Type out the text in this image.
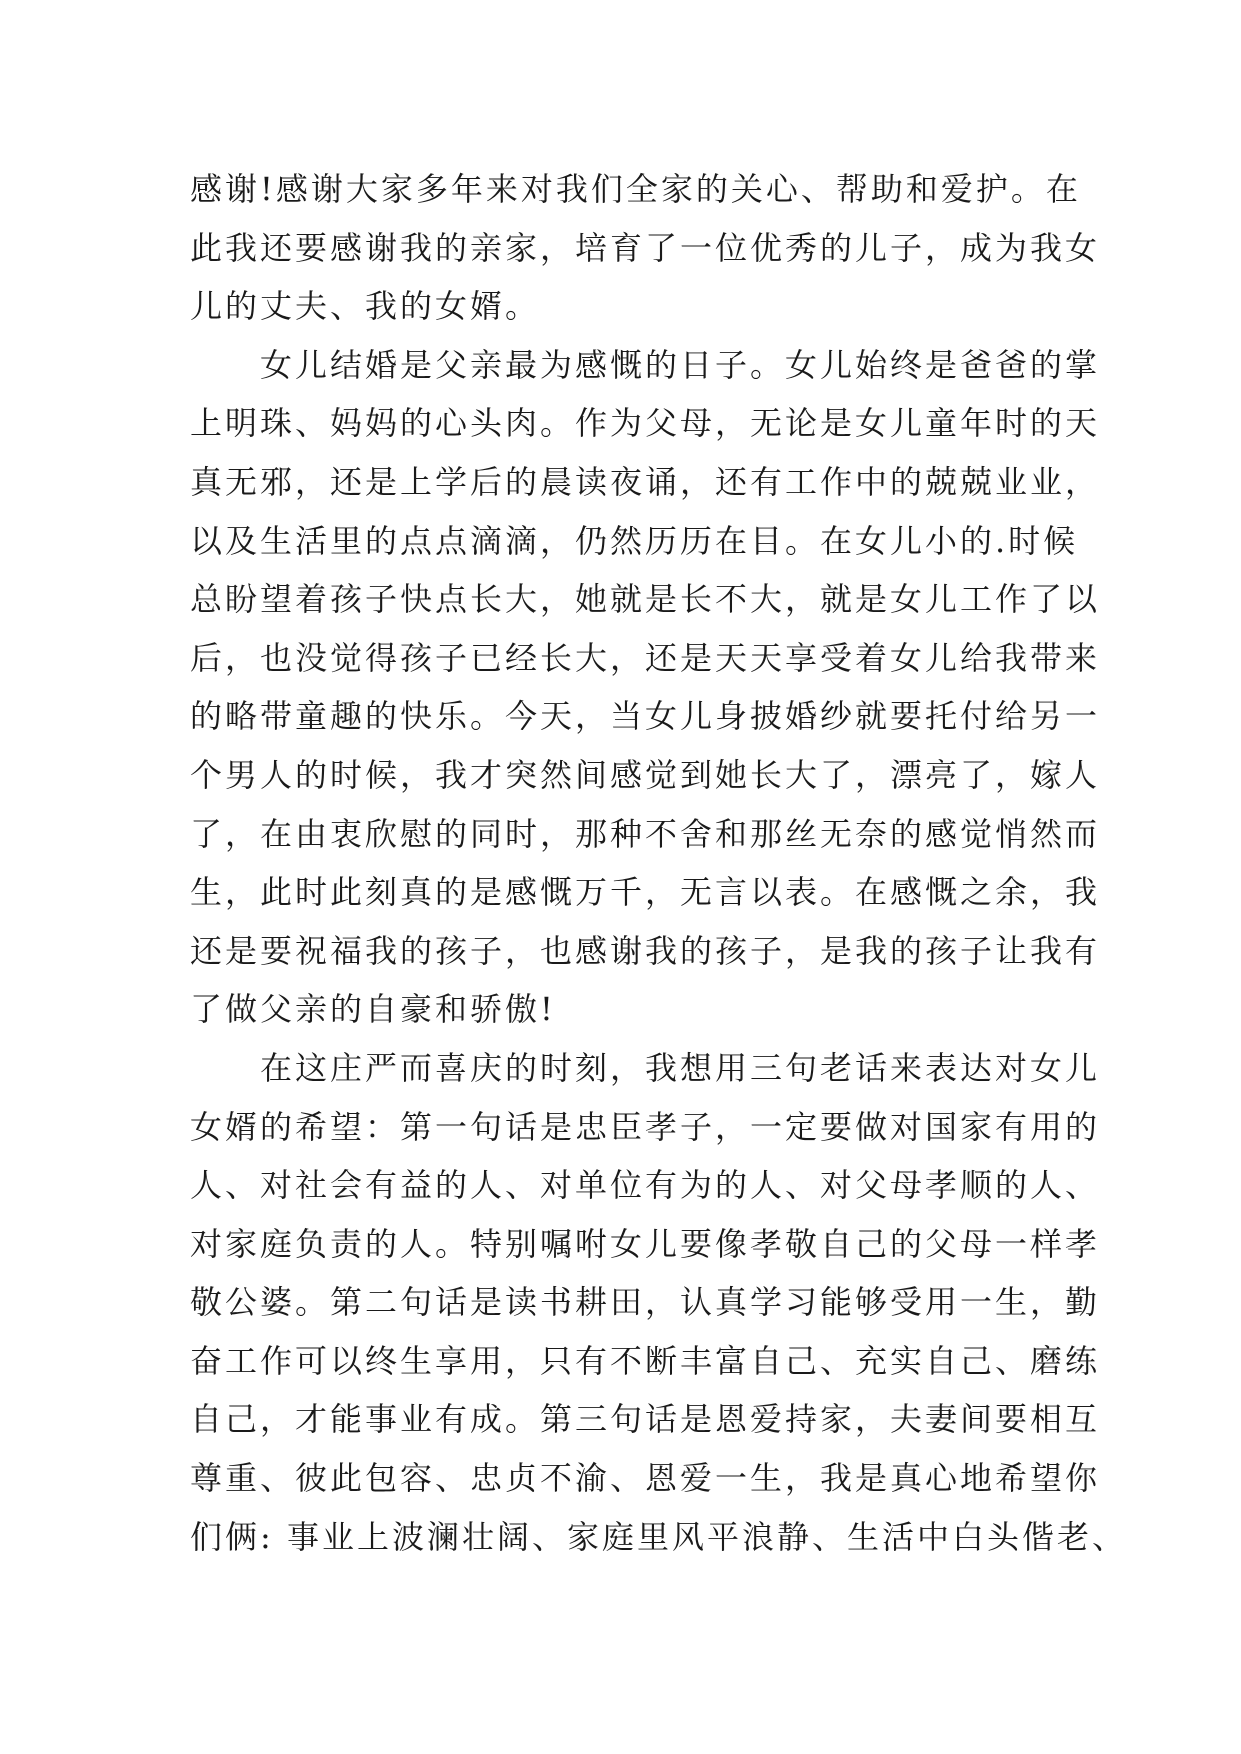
感谢!感谢大家多年来对我们全家的关心、帮助和爱护。在
此我还要感谢我的亲家，培育了一位优秀的儿子，成为我女
儿的丈夫、我的女婿。
女儿结婚是父亲最为感慨的日子。女儿始终是爸爸的掌
上明珠、妈妈的心头肉。作为父母，无论是女儿童年时的天
真无邪，还是上学后的晨读夜诵，还有工作中的兢兢业业，
以及生活里的点点滴滴，仍然历历在目。在女儿小的.时候
总盼望着孩子快点长大，她就是长不大，就是女儿工作了以
后，也没觉得孩子已经长大，还是天天享受着女儿给我带来
的略带童趣的快乐。今天，当女儿身披婚纱就要托付给另一
个男人的时候，我才突然间感觉到她长大了，漂亮了，嫁人
了，在由衷欣慰的同时，那种不舍和那丝无奈的感觉悄然而
生，此时此刻真的是感慨万千，无言以表。在感慨之余，我
还是要祝福我的孩子，也感谢我的孩子，是我的孩子让我有
了做父亲的自豪和骄傲!
在这庄严而喜庆的时刻，我想用三句老话来表达对女儿
女婿的希望：第一句话是忠臣孝子，一定要做对国家有用的
人、对社会有益的人、对单位有为的人、对父母孝顺的人、
对家庭负责的人。特别嘱咐女儿要像孝敬自己的父母一样孝
敬公婆。第二句话是读书耕田，认真学习能够受用一生，勤
奋工作可以终生享用，只有不断丰富自己、充实自己、磨练
自己，才能事业有成。第三句话是恩爱持家，夫妻间要相互
尊重、彼此包容、忠贞不渝、恩爱一生，我是真心地希望你
们俩: 事业上波澜壮阔、家庭里风平浪静、生活中白头偕老、
